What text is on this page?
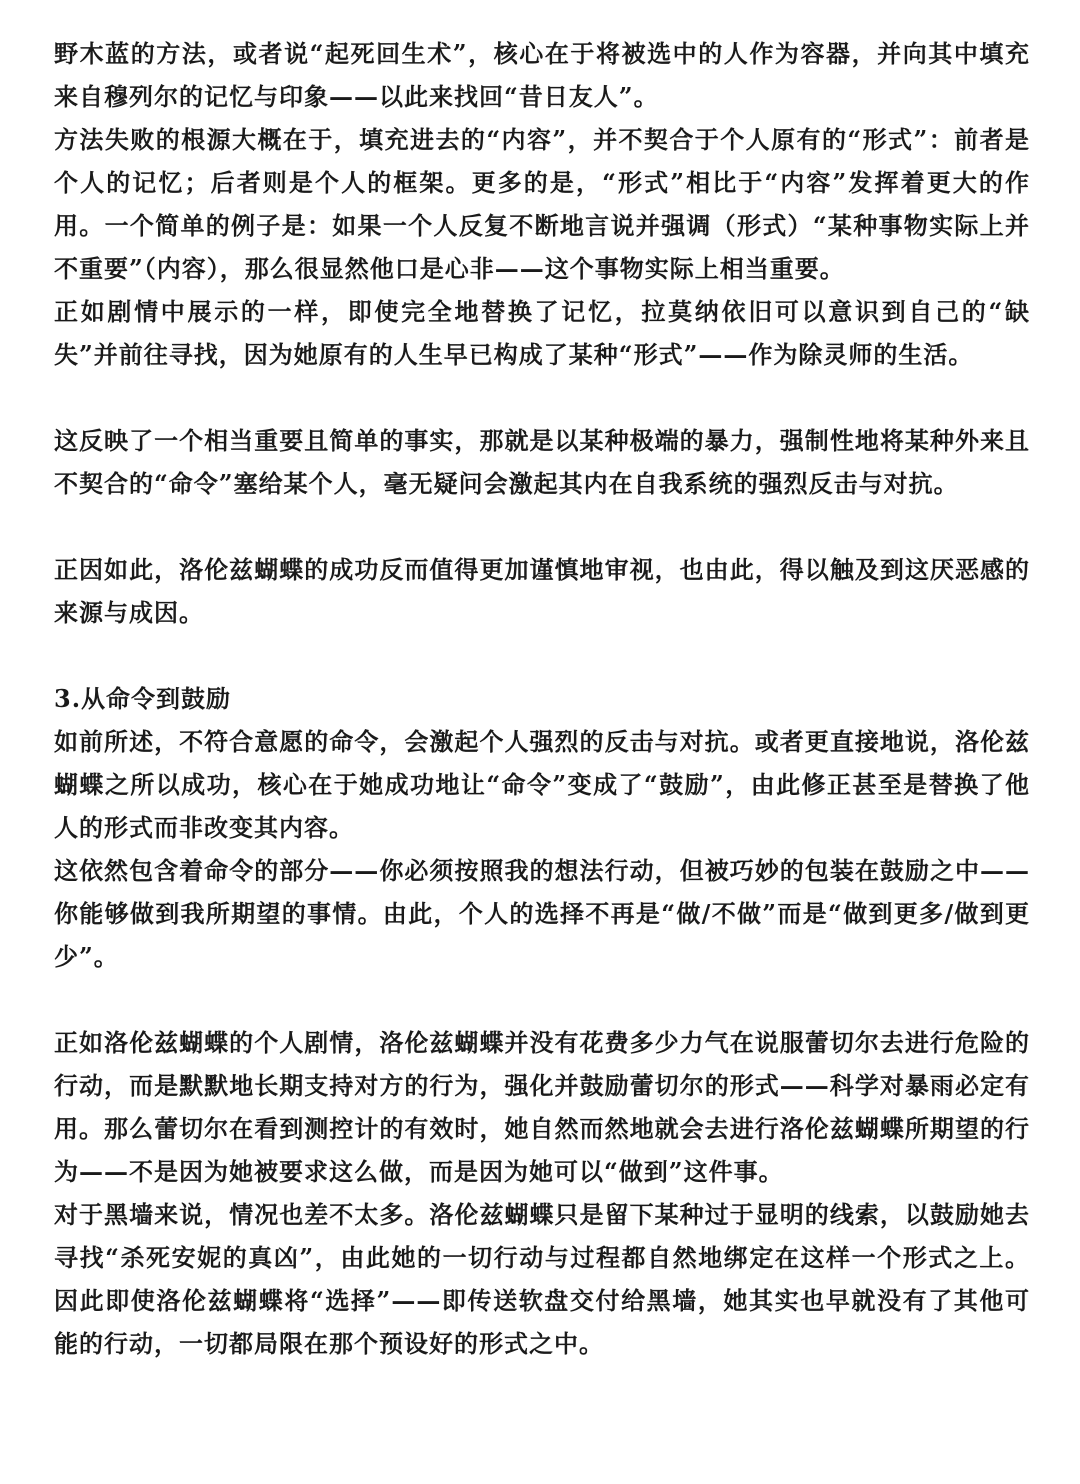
野木蓝的方法，或者说“起死回生术”，核心在于将被选中的人作为容器，并向其中填充来自穆列尔的记忆与印象——以此来找回“昔日友人”。

方法失败的根源大概在于，填充进去的“内容”，并不契合于个人原有的“形式”：前者是个人的记忆；后者则是个人的框架。更多的是，“形式”相比于“内容”发挥着更大的作用。一个简单的例子是：如果一个人反复不断地言说并强调（形式）“某种事物实际上并不重要”（内容），那么很显然他口是心非——这个事物实际上相当重要。

正如剧情中展示的一样，即使完全地替换了记忆，拉莫纳依旧可以意识到自己的“缺失”并前往寻找，因为她原有的人生早已构成了某种“形式”——作为除灵师的生活。

这反映了一个相当重要且简单的事实，那就是以某种极端的暴力，强制性地将某种外来且不契合的“命令”塞给某个人，毫无疑问会激起其内在自我系统的强烈反击与对抗。

正因如此，洛伦兹蝴蝶的成功反而值得更加谨慎地审视，也由此，得以触及到这厌恶感的来源与成因。

3.从命令到鼓励

如前所述，不符合意愿的命令，会激起个人强烈的反击与对抗。或者更直接地说，洛伦兹蝴蝶之所以成功，核心在于她成功地让“命令”变成了“鼓励”，由此修正甚至是替换了他人的形式而非改变其内容。

这依然包含着命令的部分——你必须按照我的想法行动，但被巧妙的包装在鼓励之中——你能够做到我所期望的事情。由此，个人的选择不再是“做/不做”而是“做到更多/做到更少”。

正如洛伦兹蝴蝶的个人剧情，洛伦兹蝴蝶并没有花费多少力气在说服蕾切尔去进行危险的行动，而是默默地长期支持对方的行为，强化并鼓励蕾切尔的形式——科学对暴雨必定有用。那么蕾切尔在看到测控计的有效时，她自然而然地就会去进行洛伦兹蝴蝶所期望的行为——不是因为她被要求这么做，而是因为她可以“做到”这件事。

对于黑墙来说，情况也差不太多。洛伦兹蝴蝶只是留下某种过于显明的线索，以鼓励她去寻找“杀死安妮的真凶”，由此她的一切行动与过程都自然地绑定在这样一个形式之上。因此即使洛伦兹蝴蝶将“选择”——即传送软盘交付给黑墙，她其实也早就没有了其他可能的行动，一切都局限在那个预设好的形式之中。
